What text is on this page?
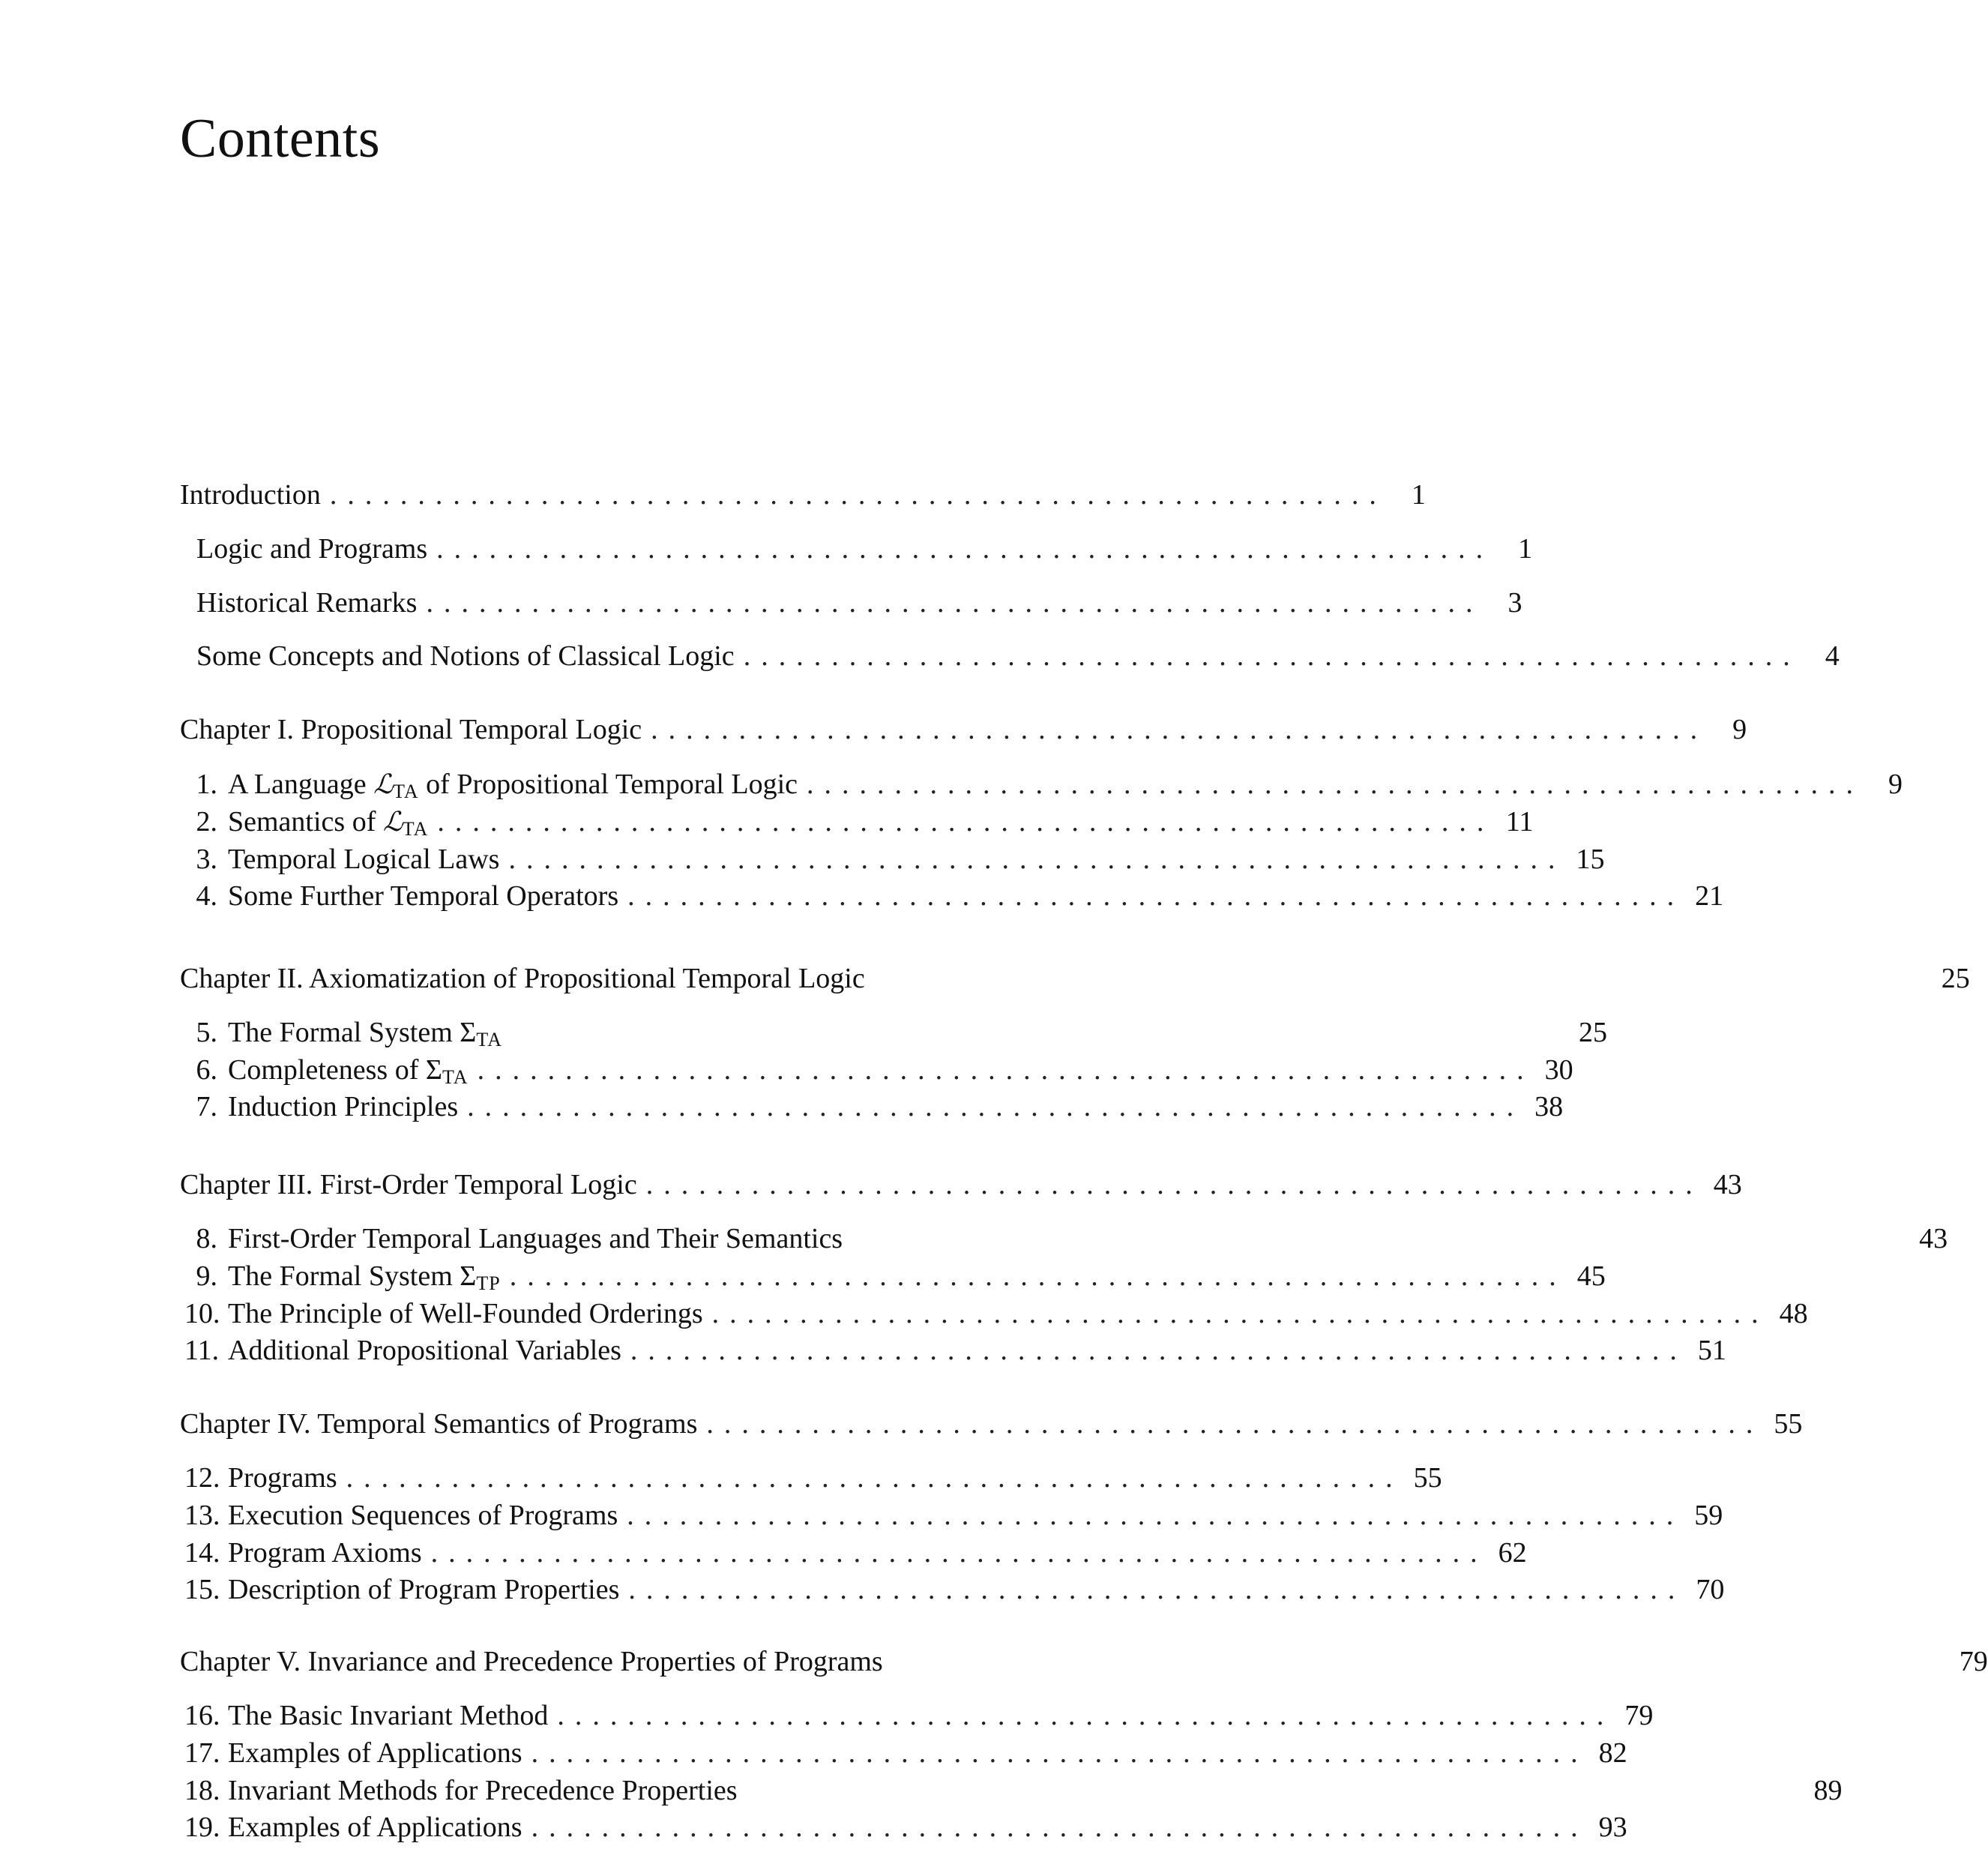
Contents
Introduction ............................................................ 1
Logic and Programs ............................................................ 1
Historical Remarks ............................................................ 3
Some Concepts and Notions of Classical Logic ............................................................ 4
Chapter I. Propositional Temporal Logic ............................................................ 9
1. A Language ℒ$_{TA}$ of Propositional Temporal Logic ............................................................ 9
2. Semantics of ℒ$_{TA}$ ............................................................ 11
3. Temporal Logical Laws ............................................................ 15
4. Some Further Temporal Operators ............................................................ 21
Chapter II. Axiomatization of Propositional Temporal Logic	25
5. The Formal System $\Sigma_{TA}$	25
6. Completeness of $\Sigma_{TA}$ ............................................................ 30
7. Induction Principles ............................................................ 38
Chapter III. First-Order Temporal Logic ............................................................ 43
8. First-Order Temporal Languages and Their Semantics	43
9. The Formal System $\Sigma_{TP}$ ............................................................ 45
10. The Principle of Well-Founded Orderings ............................................................ 48
11. Additional Propositional Variables ............................................................ 51
Chapter IV. Temporal Semantics of Programs ............................................................ 55
12. Programs ............................................................ 55
13. Execution Sequences of Programs ............................................................ 59
14. Program Axioms ............................................................ 62
15. Description of Program Properties ............................................................ 70
Chapter V. Invariance and Precedence Properties of Programs	79
16. The Basic Invariant Method ............................................................ 79
17. Examples of Applications ............................................................ 82
18. Invariant Methods for Precedence Properties	89
19. Examples of Applications ............................................................ 93
